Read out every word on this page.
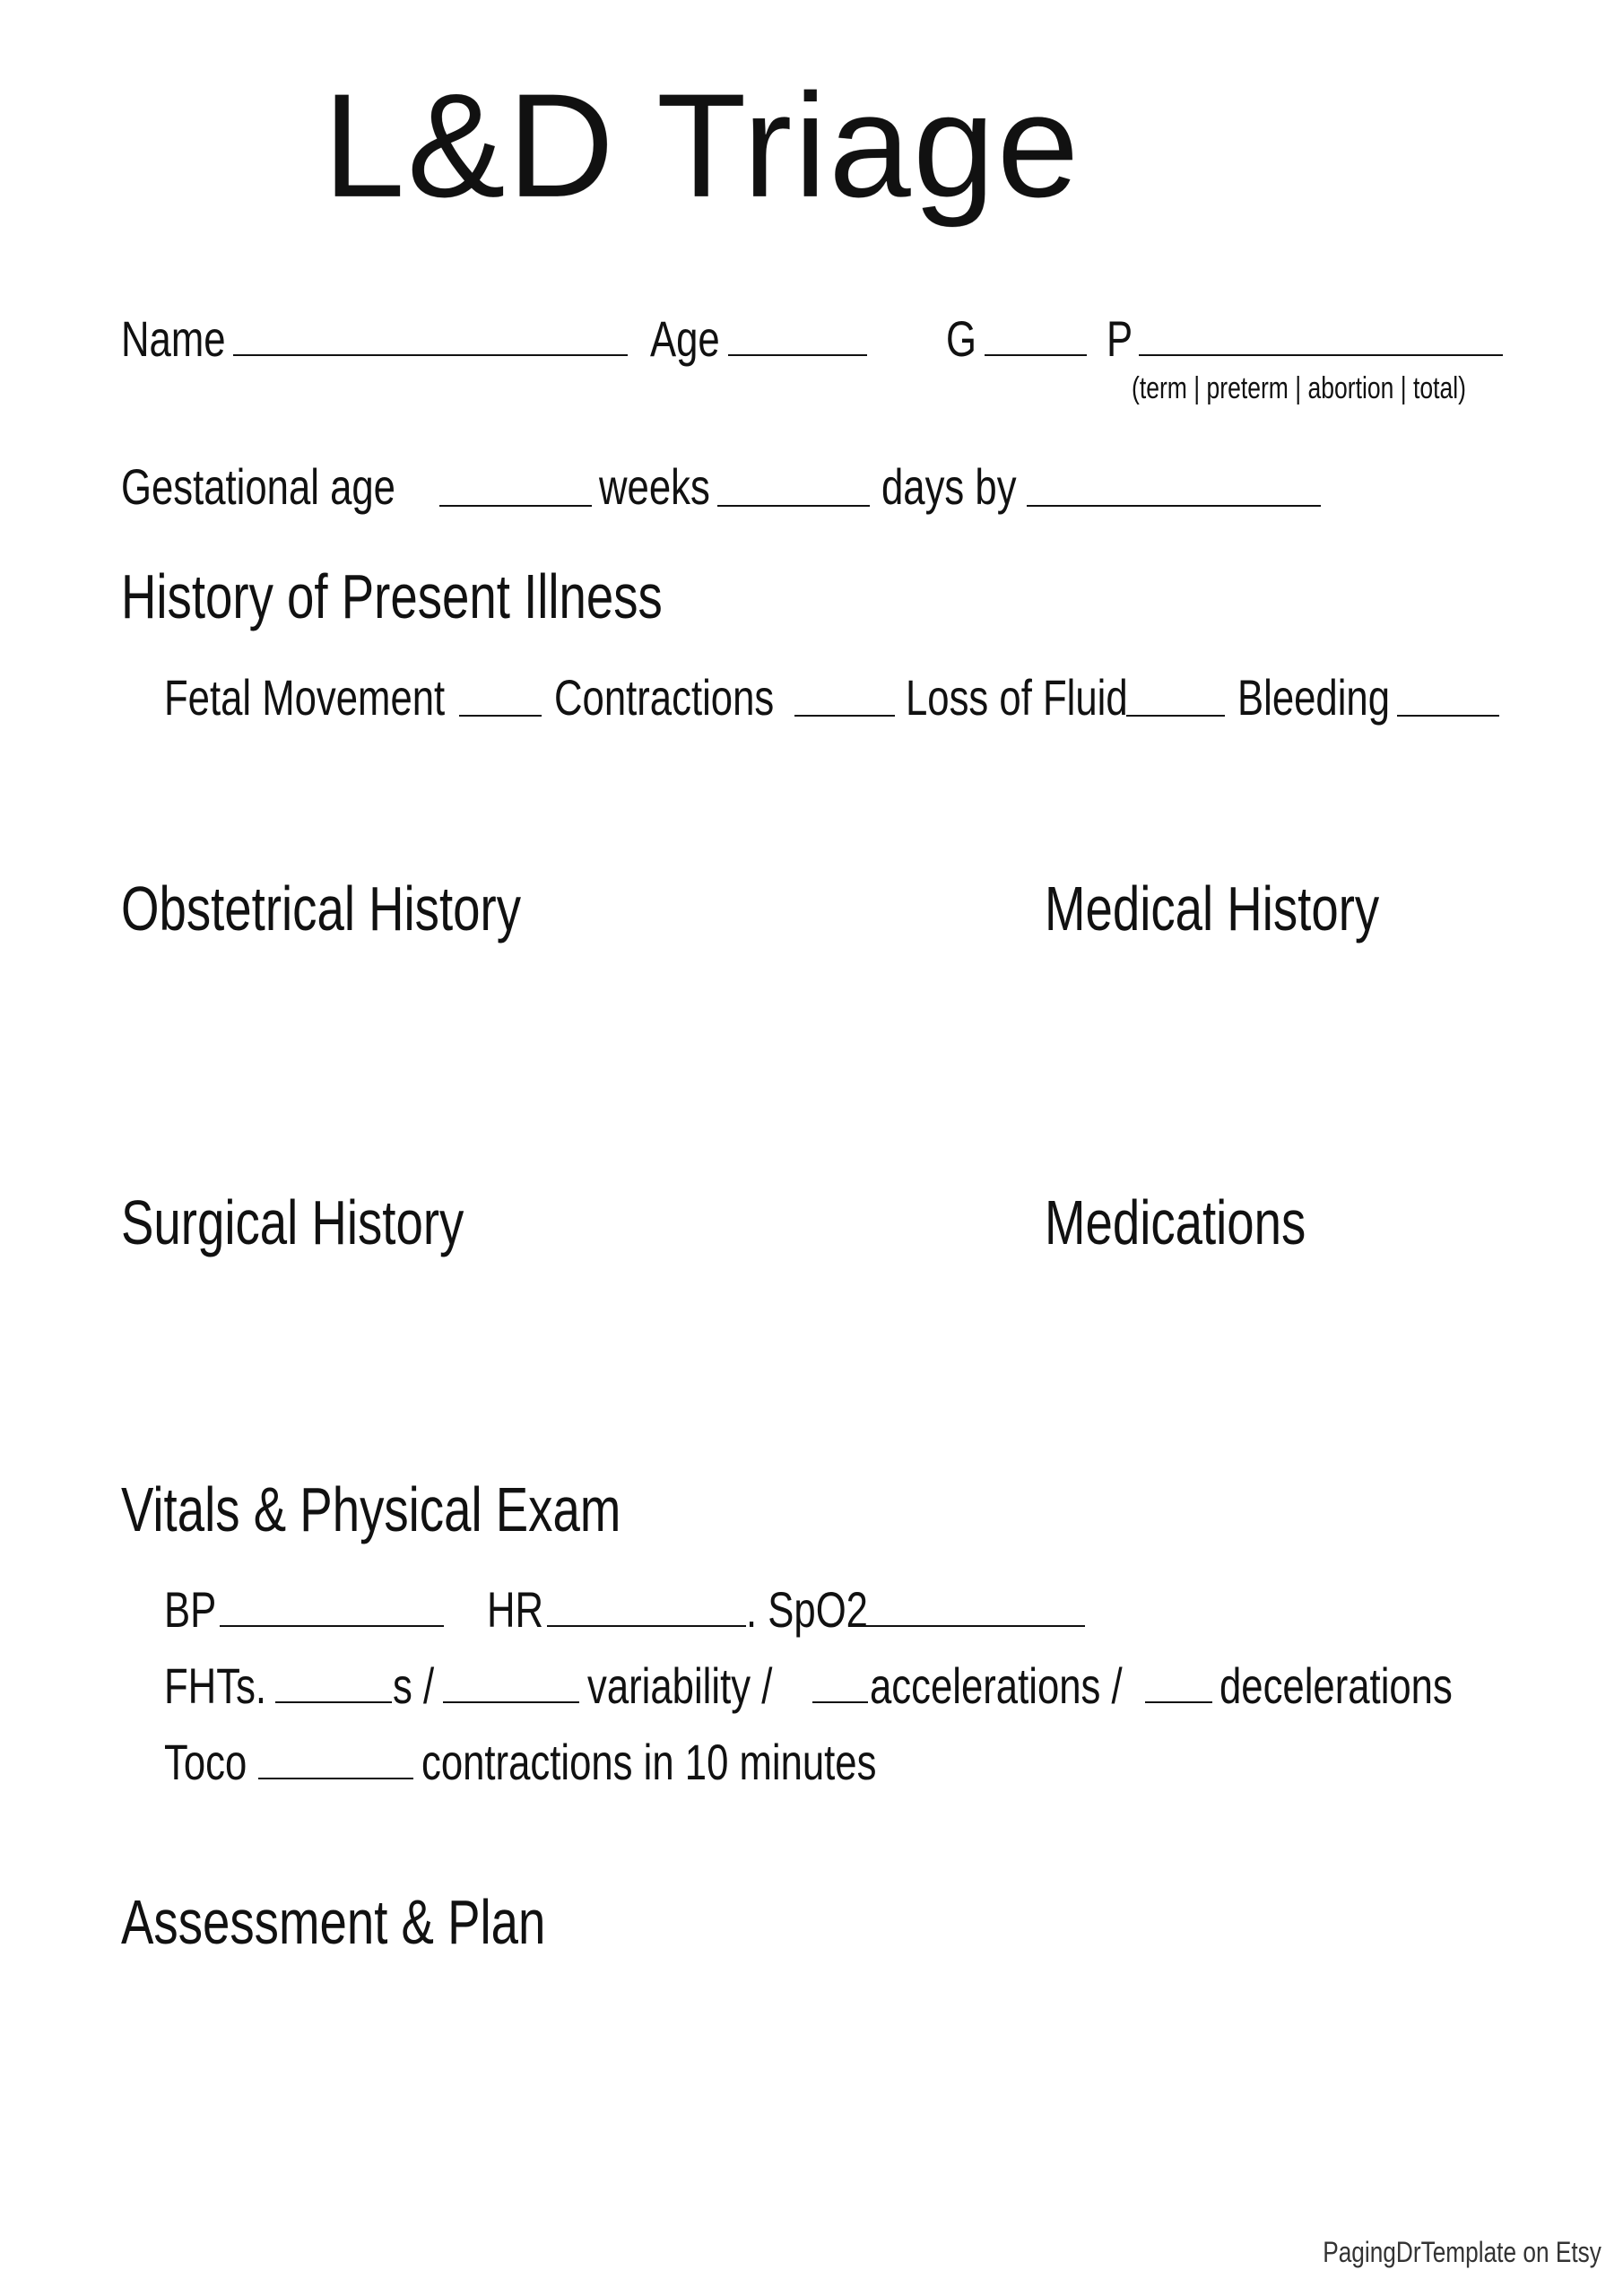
L&D Triage
Name	Age	G	P
(term | preterm | abortion | total)
Gestational age	weeks	days by
History of Present Illness
Fetal Movement	Contractions	Loss of Fluid	Bleeding
Obstetrical History	Medical History
Surgical History	Medications
Vitals & Physical Exam
BP	HR	. SpO2
FHTs.	s /	variability /	accelerations /	decelerations
Toco	contractions in 10 minutes
Assessment & Plan
PagingDrTemplate on Etsy
